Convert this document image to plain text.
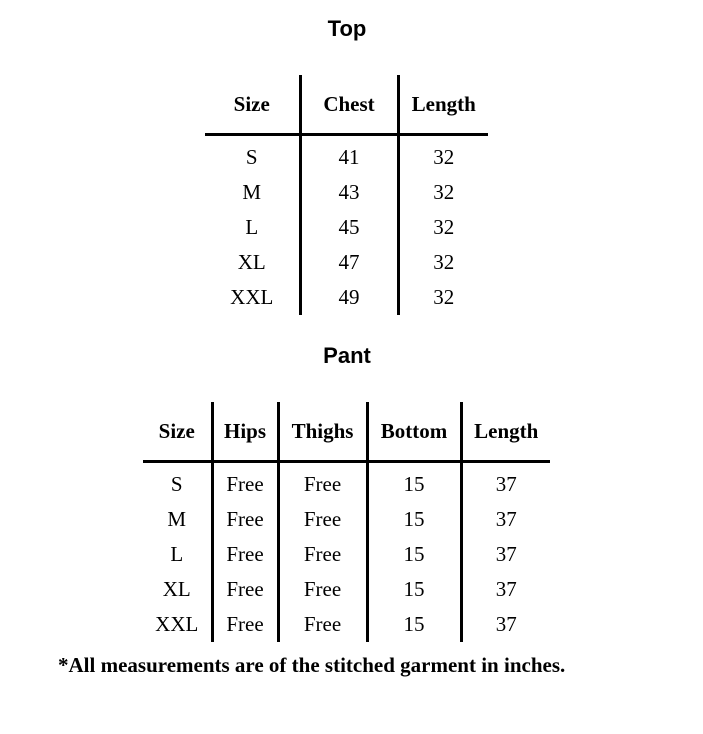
Top
Size	Chest	Length
S	41	32
M	43	32
L	45	32
XL	47	32
XXL	49	32
Pant
Size	Hips	Thighs	Bottom	Length
S	Free	Free	15	37
M	Free	Free	15	37
L	Free	Free	15	37
XL	Free	Free	15	37
XXL	Free	Free	15	37
*All measurements are of the stitched garment in inches.
